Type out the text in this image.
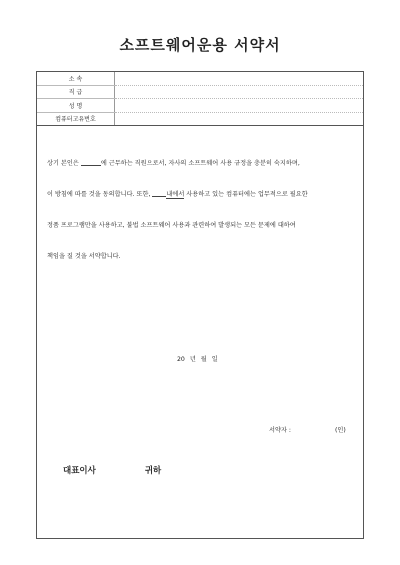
소프트웨어운용 서약서
소 속	
직 급	
성 명	
컴퓨터고유번호	
상기 본인은	에 근무하는 직원으로서, 자사의 소프트웨어 사용 규정을 충분히 숙지하며,
이 방침에 따를 것을 동의합니다. 또한,	내에서 사용하고 있는 컴퓨터에는 업무적으로 필요한
정품 프로그램만을 사용하고, 불법 소프트웨어 사용과 관련하여 발생되는 모든 문제에 대하여
책임을 질 것을 서약합니다.
20 년 월 일
서약자 :	(인)
대표이사	귀하
